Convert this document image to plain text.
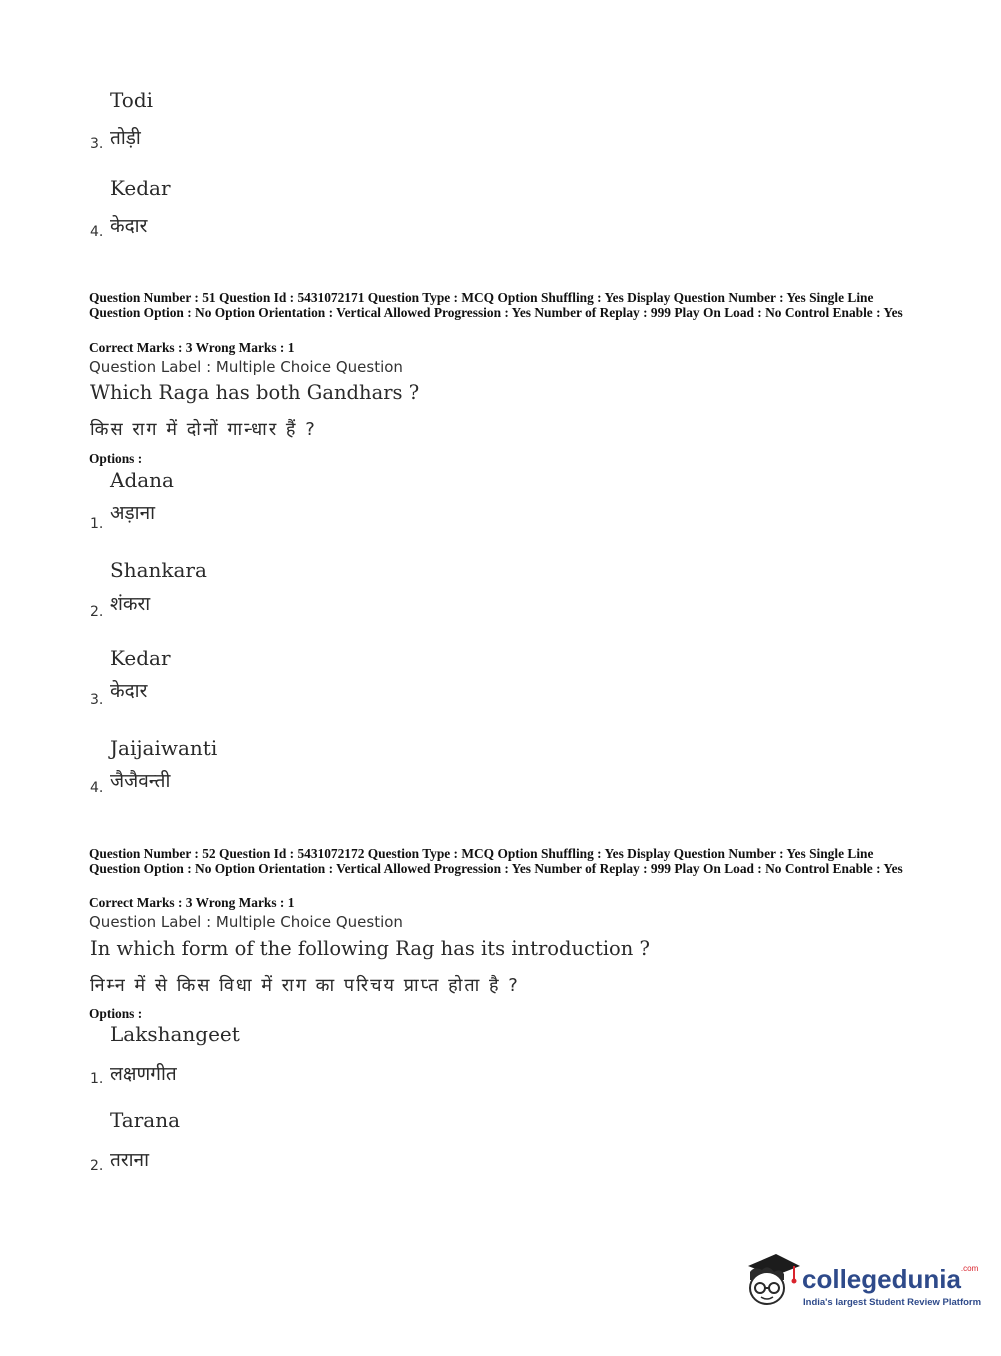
Todi
3. तोड़ी
Kedar
4. केदार
Question Number : 51 Question Id : 5431072171 Question Type : MCQ Option Shuffling : Yes Display Question Number : Yes Single Line Question Option : No Option Orientation : Vertical Allowed Progression : Yes Number of Replay : 999 Play On Load : No Control Enable : Yes
Correct Marks : 3 Wrong Marks : 1
Question Label : Multiple Choice Question
Which Raga has both Gandhars ?
किस राग में दोनों गान्धार हैं ?
Options :
Adana
1. अड़ाना
Shankara
2. शंकरा
Kedar
3. केदार
Jaijaiwanti
4. जैजैवन्ती
Question Number : 52 Question Id : 5431072172 Question Type : MCQ Option Shuffling : Yes Display Question Number : Yes Single Line Question Option : No Option Orientation : Vertical Allowed Progression : Yes Number of Replay : 999 Play On Load : No Control Enable : Yes
Correct Marks : 3 Wrong Marks : 1
Question Label : Multiple Choice Question
In which form of the following Rag has its introduction ?
निम्न में से किस विधा में राग का परिचय प्राप्त होता है ?
Options :
Lakshangeet
1. लक्षणगीत
Tarana
2. तराना
collegedunia$^{.com}$
India's largest Student Review Platform
